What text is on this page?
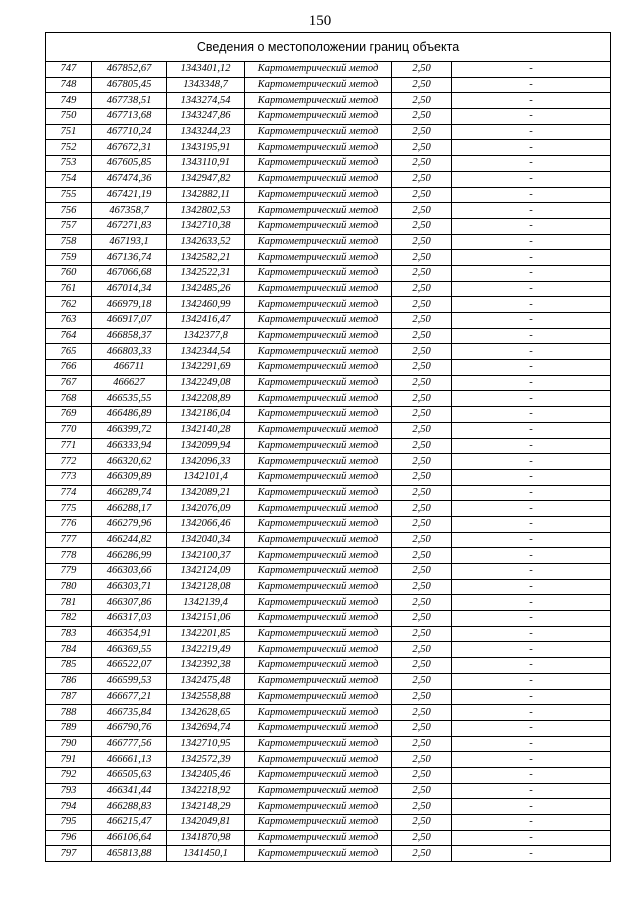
150
Сведения о местоположении границ объекта					
747	467852,67	1343401,12	Картометрический метод	2,50	-
748	467805,45	1343348,7	Картометрический метод	2,50	-
749	467738,51	1343274,54	Картометрический метод	2,50	-
750	467713,68	1343247,86	Картометрический метод	2,50	-
751	467710,24	1343244,23	Картометрический метод	2,50	-
752	467672,31	1343195,91	Картометрический метод	2,50	-
753	467605,85	1343110,91	Картометрический метод	2,50	-
754	467474,36	1342947,82	Картометрический метод	2,50	-
755	467421,19	1342882,11	Картометрический метод	2,50	-
756	467358,7	1342802,53	Картометрический метод	2,50	-
757	467271,83	1342710,38	Картометрический метод	2,50	-
758	467193,1	1342633,52	Картометрический метод	2,50	-
759	467136,74	1342582,21	Картометрический метод	2,50	-
760	467066,68	1342522,31	Картометрический метод	2,50	-
761	467014,34	1342485,26	Картометрический метод	2,50	-
762	466979,18	1342460,99	Картометрический метод	2,50	-
763	466917,07	1342416,47	Картометрический метод	2,50	-
764	466858,37	1342377,8	Картометрический метод	2,50	-
765	466803,33	1342344,54	Картометрический метод	2,50	-
766	466711	1342291,69	Картометрический метод	2,50	-
767	466627	1342249,08	Картометрический метод	2,50	-
768	466535,55	1342208,89	Картометрический метод	2,50	-
769	466486,89	1342186,04	Картометрический метод	2,50	-
770	466399,72	1342140,28	Картометрический метод	2,50	-
771	466333,94	1342099,94	Картометрический метод	2,50	-
772	466320,62	1342096,33	Картометрический метод	2,50	-
773	466309,89	1342101,4	Картометрический метод	2,50	-
774	466289,74	1342089,21	Картометрический метод	2,50	-
775	466288,17	1342076,09	Картометрический метод	2,50	-
776	466279,96	1342066,46	Картометрический метод	2,50	-
777	466244,82	1342040,34	Картометрический метод	2,50	-
778	466286,99	1342100,37	Картометрический метод	2,50	-
779	466303,66	1342124,09	Картометрический метод	2,50	-
780	466303,71	1342128,08	Картометрический метод	2,50	-
781	466307,86	1342139,4	Картометрический метод	2,50	-
782	466317,03	1342151,06	Картометрический метод	2,50	-
783	466354,91	1342201,85	Картометрический метод	2,50	-
784	466369,55	1342219,49	Картометрический метод	2,50	-
785	466522,07	1342392,38	Картометрический метод	2,50	-
786	466599,53	1342475,48	Картометрический метод	2,50	-
787	466677,21	1342558,88	Картометрический метод	2,50	-
788	466735,84	1342628,65	Картометрический метод	2,50	-
789	466790,76	1342694,74	Картометрический метод	2,50	-
790	466777,56	1342710,95	Картометрический метод	2,50	-
791	466661,13	1342572,39	Картометрический метод	2,50	-
792	466505,63	1342405,46	Картометрический метод	2,50	-
793	466341,44	1342218,92	Картометрический метод	2,50	-
794	466288,83	1342148,29	Картометрический метод	2,50	-
795	466215,47	1342049,81	Картометрический метод	2,50	-
796	466106,64	1341870,98	Картометрический метод	2,50	-
797	465813,88	1341450,1	Картометрический метод	2,50	-
